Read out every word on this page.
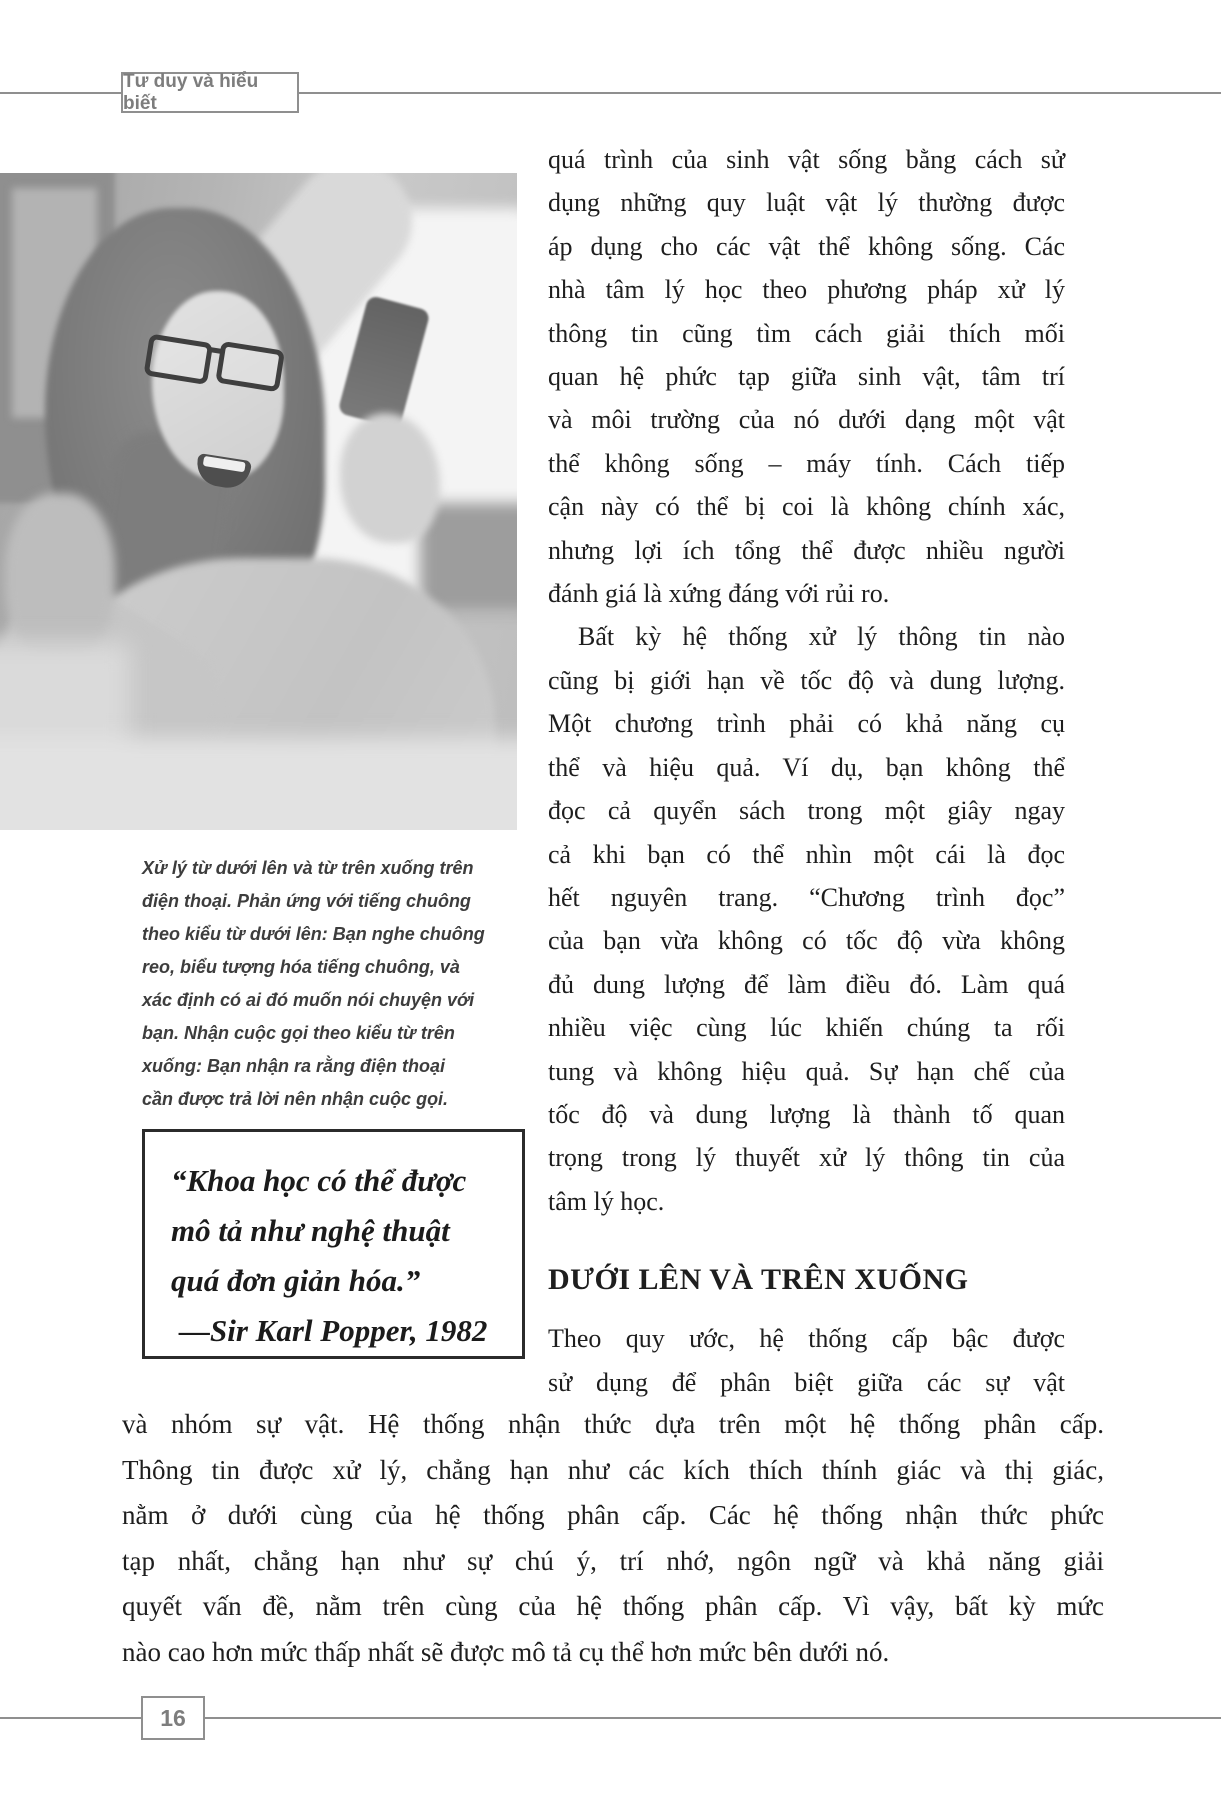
Tư duy và hiểu biết
Xử lý từ dưới lên và từ trên xuống trên
điện thoại. Phản ứng với tiếng chuông
theo kiểu từ dưới lên: Bạn nghe chuông
reo, biểu tượng hóa tiếng chuông, và
xác định có ai đó muốn nói chuyện với
bạn. Nhận cuộc gọi theo kiểu từ trên
xuống: Bạn nhận ra rằng điện thoại
cần được trả lời nên nhận cuộc gọi.
“Khoa học có thể được
mô tả như nghệ thuật
quá đơn giản hóa.”
—Sir Karl Popper, 1982
quá trình của sinh vật sống bằng cách sử
dụng những quy luật vật lý thường được
áp dụng cho các vật thể không sống. Các
nhà tâm lý học theo phương pháp xử lý
thông tin cũng tìm cách giải thích mối
quan hệ phức tạp giữa sinh vật, tâm trí
và môi trường của nó dưới dạng một vật
thể không sống – máy tính. Cách tiếp
cận này có thể bị coi là không chính xác,
nhưng lợi ích tổng thể được nhiều người
đánh giá là xứng đáng với rủi ro.
Bất kỳ hệ thống xử lý thông tin nào
cũng bị giới hạn về tốc độ và dung lượng.
Một chương trình phải có khả năng cụ
thể và hiệu quả. Ví dụ, bạn không thể
đọc cả quyển sách trong một giây ngay
cả khi bạn có thể nhìn một cái là đọc
hết nguyên trang. “Chương trình đọc”
của bạn vừa không có tốc độ vừa không
đủ dung lượng để làm điều đó. Làm quá
nhiều việc cùng lúc khiến chúng ta rối
tung và không hiệu quả. Sự hạn chế của
tốc độ và dung lượng là thành tố quan
trọng trong lý thuyết xử lý thông tin của
tâm lý học.
DƯỚI LÊN VÀ TRÊN XUỐNG
Theo quy ước, hệ thống cấp bậc được
sử dụng để phân biệt giữa các sự vật
và nhóm sự vật. Hệ thống nhận thức dựa trên một hệ thống phân cấp.
Thông tin được xử lý, chẳng hạn như các kích thích thính giác và thị giác,
nằm ở dưới cùng của hệ thống phân cấp. Các hệ thống nhận thức phức
tạp nhất, chẳng hạn như sự chú ý, trí nhớ, ngôn ngữ và khả năng giải
quyết vấn đề, nằm trên cùng của hệ thống phân cấp. Vì vậy, bất kỳ mức
nào cao hơn mức thấp nhất sẽ được mô tả cụ thể hơn mức bên dưới nó.
16
